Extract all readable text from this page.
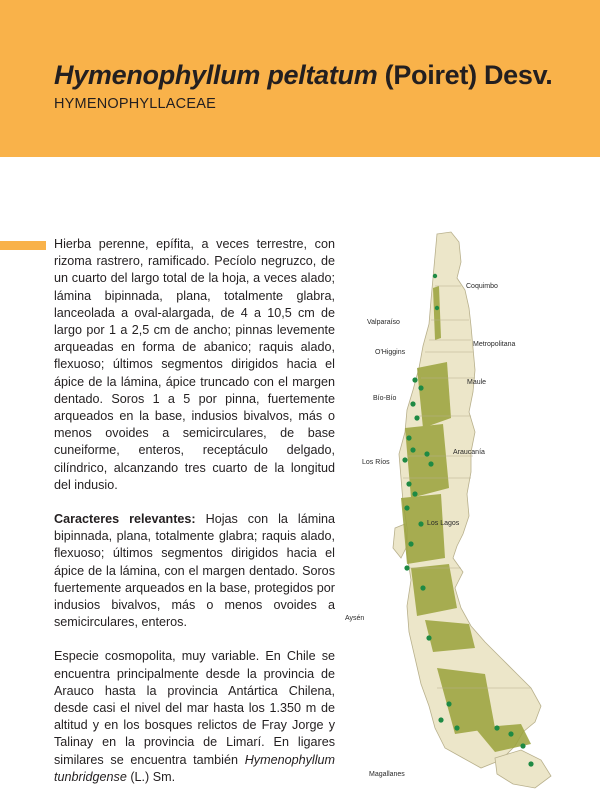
Hymenophyllum peltatum (Poiret) Desv.
HYMENOPHYLLACEAE

Hierba perenne, epífita, a veces terrestre, con rizoma rastrero, ramificado. Pecíolo negruzco, de un cuarto del largo total de la hoja, a veces alado; lámina bipinnada, plana, totalmente glabra, lanceolada a oval-alargada, de 4 a 10,5 cm de largo por 1 a 2,5 cm de ancho; pinnas levemente arqueadas en forma de abanico; raquis alado, flexuoso; últimos segmentos dirigidos hacia el ápice de la lámina, ápice truncado con el margen dentado. Soros 1 a 5 por pinna, fuertemente arqueados en la base, indusios bivalvos, más o menos ovoides a semicirculares, de base cuneiforme, enteros, receptáculo delgado, cilíndrico, alcanzando tres cuarto de la longitud del indusio.

Caracteres relevantes: Hojas con la lámina bipinnada, plana, totalmente glabra; raquis alado, flexuoso; últimos segmentos dirigidos hacia el ápice de la lámina, con el margen dentado. Soros fuertemente arqueados en la base, protegidos por indusios bivalvos, más o menos ovoides a semicirculares, enteros.

Especie cosmopolita, muy variable. En Chile se encuentra principalmente desde la provincia de Arauco hasta la provincia Antártica Chilena, desde casi el nivel del mar hasta los 1.350 m de altitud y en los bosques relictos de Fray Jorge y Talinay en la provincia de Limarí. En ligares similares se encuentra también Hymenophyllum tunbridgense (L.) Sm.

Coquimbo
Valparaíso
Metropolitana
O'Higgins
Maule
Bío-Bío
Araucanía
Los Ríos
Los Lagos
Aysén
Magallanes
